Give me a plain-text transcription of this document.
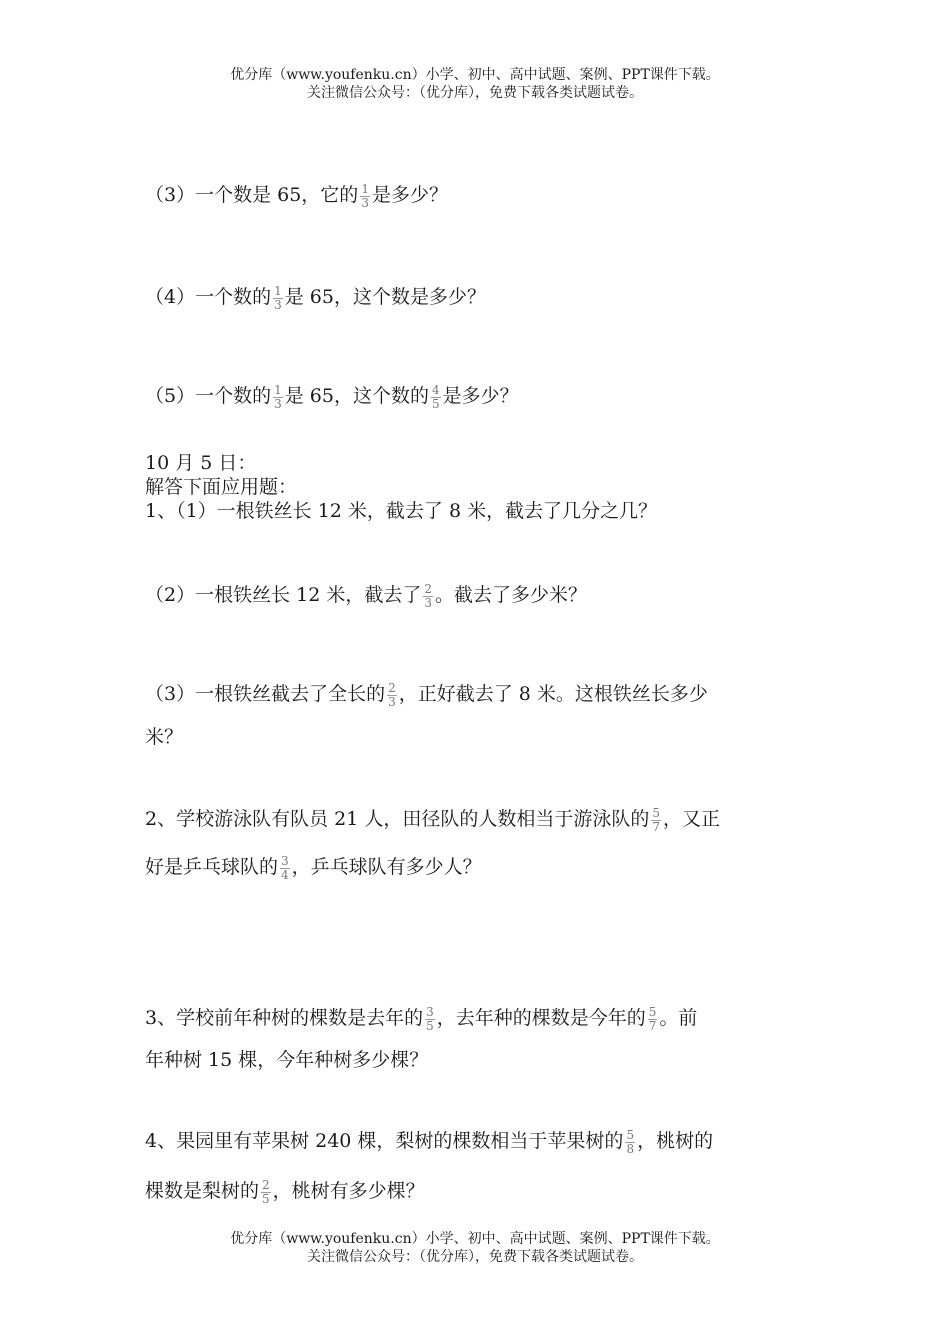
优分库（www.youfenku.cn）小学、初中、高中试题、案例、PPT课件下载。
关注微信公众号：（优分库），免费下载各类试题试卷。
（3）一个数是 65，它的 $\frac{1}{3}$ 是多少？
（4）一个数的 $\frac{1}{3}$ 是 65，这个数是多少？
（5）一个数的 $\frac{1}{3}$ 是 65，这个数的 $\frac{4}{5}$ 是多少？
10 月 5 日：
解答下面应用题：
1、（1）一根铁丝长 12 米，截去了 8 米，截去了几分之几？
（2）一根铁丝长 12 米，截去了 $\frac{2}{3}$ 。截去了多少米？
（3）一根铁丝截去了全长的 $\frac{2}{3}$ ，正好截去了 8 米。这根铁丝长多少
米？
2、学校游泳队有队员 21 人，田径队的人数相当于游泳队的 $\frac{5}{7}$ ，又正
好是乒乓球队的 $\frac{3}{4}$ ，乒乓球队有多少人？
3、学校前年种树的棵数是去年的 $\frac{3}{5}$ ，去年种的棵数是今年的 $\frac{5}{7}$ 。前
年种树 15 棵，今年种树多少棵？
4、果园里有苹果树 240 棵，梨树的棵数相当于苹果树的 $\frac{5}{8}$ ，桃树的
棵数是梨树的 $\frac{2}{5}$ ，桃树有多少棵？
优分库（www.youfenku.cn）小学、初中、高中试题、案例、PPT课件下载。
关注微信公众号：（优分库），免费下载各类试题试卷。
